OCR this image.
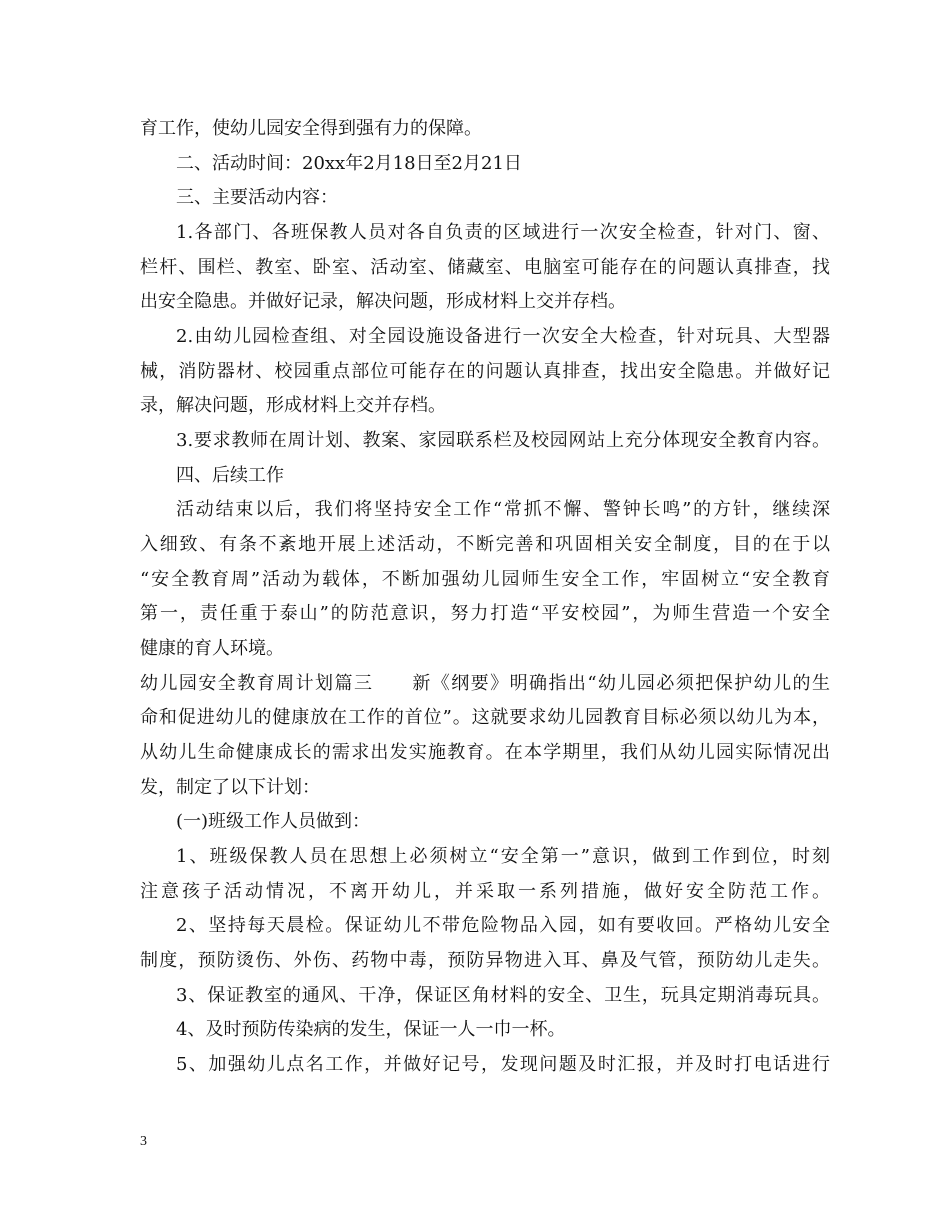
育工作，使幼儿园安全得到强有力的保障。
二、活动时间：20xx年2月18日至2月21日
三、主要活动内容：
1.各部门、各班保教人员对各自负责的区域进行一次安全检查，针对门、窗、
栏杆、围栏、教室、卧室、活动室、储藏室、电脑室可能存在的问题认真排查，找
出安全隐患。并做好记录，解决问题，形成材料上交并存档。
2.由幼儿园检查组、对全园设施设备进行一次安全大检查，针对玩具、大型器
械，消防器材、校园重点部位可能存在的问题认真排查，找出安全隐患。并做好记
录，解决问题，形成材料上交并存档。
3.要求教师在周计划、教案、家园联系栏及校园网站上充分体现安全教育内容。
四、后续工作
活动结束以后，我们将坚持安全工作“常抓不懈、警钟长鸣”的方针，继续深
入细致、有条不紊地开展上述活动，不断完善和巩固相关安全制度，目的在于以
“安全教育周”活动为载体，不断加强幼儿园师生安全工作，牢固树立“安全教育
第一，责任重于泰山”的防范意识，努力打造“平安校园”，为师生营造一个安全
健康的育人环境。
幼儿园安全教育周计划篇三　　新《纲要》明确指出“幼儿园必须把保护幼儿的生
命和促进幼儿的健康放在工作的首位”。这就要求幼儿园教育目标必须以幼儿为本，
从幼儿生命健康成长的需求出发实施教育。在本学期里，我们从幼儿园实际情况出
发，制定了以下计划：
(一)班级工作人员做到：
1、班级保教人员在思想上必须树立“安全第一”意识，做到工作到位，时刻
注意孩子活动情况，不离开幼儿，并采取一系列措施，做好安全防范工作。
2、坚持每天晨检。保证幼儿不带危险物品入园，如有要收回。严格幼儿安全
制度，预防烫伤、外伤、药物中毒，预防异物进入耳、鼻及气管，预防幼儿走失。
3、保证教室的通风、干净，保证区角材料的安全、卫生，玩具定期消毒玩具。
4、及时预防传染病的发生，保证一人一巾一杯。
5、加强幼儿点名工作，并做好记号，发现问题及时汇报，并及时打电话进行
3
